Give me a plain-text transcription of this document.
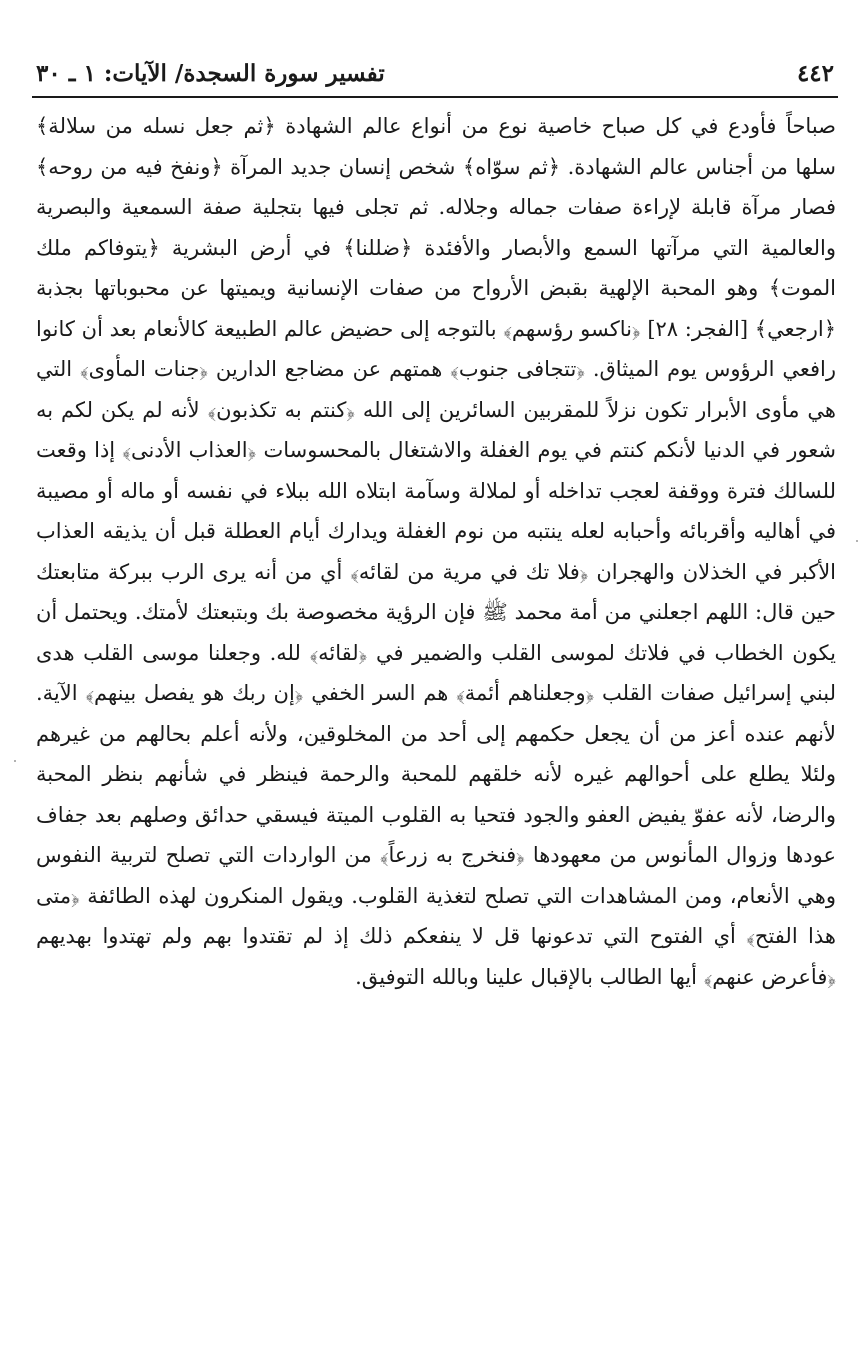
٤٤٢
تفسير سورة السجدة/ الآيات: ١ ـ ٣٠

صباحاً فأودع في كل صباح خاصية نوع من أنواع عالم الشهادة ﴿ثم جعل نسله من سلالة﴾ سلها من أجناس عالم الشهادة. ﴿ثم سوّاه﴾ شخص إنسان جديد المرآة ﴿ونفخ فيه من روحه﴾ فصار مرآة قابلة لإراءة صفات جماله وجلاله. ثم تجلى فيها بتجلية صفة السمعية والبصرية والعالمية التي مرآتها السمع والأبصار والأفئدة ﴿ضللنا﴾ في أرض البشرية ﴿يتوفاكم ملك الموت﴾ وهو المحبة الإلهية بقبض الأرواح من صفات الإنسانية ويميتها عن محبوباتها بجذبة ﴿ارجعي﴾ [الفجر: ٢٨] ﴿ناكسو رؤسهم﴾ بالتوجه إلى حضيض عالم الطبيعة كالأنعام بعد أن كانوا رافعي الرؤوس يوم الميثاق. ﴿تتجافى جنوب﴾ همتهم عن مضاجع الدارين ﴿جنات المأوى﴾ التي هي مأوى الأبرار تكون نزلاً للمقربين السائرين إلى الله ﴿كنتم به تكذبون﴾ لأنه لم يكن لكم به شعور في الدنيا لأنكم كنتم في يوم الغفلة والاشتغال بالمحسوسات ﴿العذاب الأدنى﴾ إذا وقعت للسالك فترة ووقفة لعجب تداخله أو لملالة وسآمة ابتلاه الله ببلاء في نفسه أو ماله أو مصيبة في أهاليه وأقربائه وأحبابه لعله ينتبه من نوم الغفلة ويدارك أيام العطلة قبل أن يذيقه العذاب الأكبر في الخذلان والهجران ﴿فلا تك في مرية من لقائه﴾ أي من أنه يرى الرب ببركة متابعتك حين قال: اللهم اجعلني من أمة محمد ﷺ فإن الرؤية مخصوصة بك وبتبعتك لأمتك. ويحتمل أن يكون الخطاب في فلاتك لموسى القلب والضمير في ﴿لقائه﴾ لله. وجعلنا موسى القلب هدى لبني إسرائيل صفات القلب ﴿وجعلناهم أئمة﴾ هم السر الخفي ﴿إن ربك هو يفصل بينهم﴾ الآية. لأنهم عنده أعز من أن يجعل حكمهم إلى أحد من المخلوقين، ولأنه أعلم بحالهم من غيرهم ولئلا يطلع على أحوالهم غيره لأنه خلقهم للمحبة والرحمة فينظر في شأنهم بنظر المحبة والرضا، لأنه عفوّ يفيض العفو والجود فتحيا به القلوب الميتة فيسقي حدائق وصلهم بعد جفاف عودها وزوال المأنوس من معهودها ﴿فنخرج به زرعاً﴾ من الواردات التي تصلح لتربية النفوس وهي الأنعام، ومن المشاهدات التي تصلح لتغذية القلوب. ويقول المنكرون لهذه الطائفة ﴿متى هذا الفتح﴾ أي الفتوح التي تدعونها قل لا ينفعكم ذلك إذ لم تقتدوا بهم ولم تهتدوا بهديهم ﴿فأعرض عنهم﴾ أيها الطالب بالإقبال علينا وبالله التوفيق.
